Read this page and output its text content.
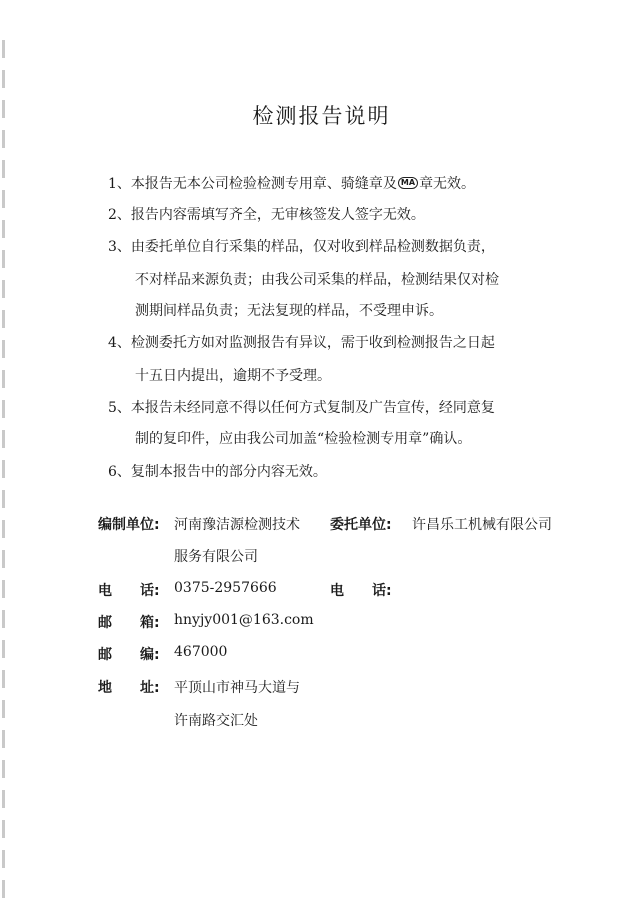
检测报告说明
1、本报告无本公司检验检测专用章、骑缝章及 MA 章无效。
2、报告内容需填写齐全，无审核签发人签字无效。
3、由委托单位自行采集的样品，仅对收到样品检测数据负责，
不对样品来源负责；由我公司采集的样品，检测结果仅对检
测期间样品负责；无法复现的样品，不受理申诉。
4、检测委托方如对监测报告有异议，需于收到检测报告之日起
十五日内提出，逾期不予受理。
5、本报告未经同意不得以任何方式复制及广告宣传，经同意复
制的复印件，应由我公司加盖“检验检测专用章”确认。
6、复制本报告中的部分内容无效。
编制单位: 河南豫洁源检测技术
服务有限公司
委托单位: 许昌乐工机械有限公司
电　　话: 0375-2957666	电　　话:
邮　　箱: hnyjy001@163.com
邮　　编: 467000
地　　址: 平顶山市神马大道与
许南路交汇处
